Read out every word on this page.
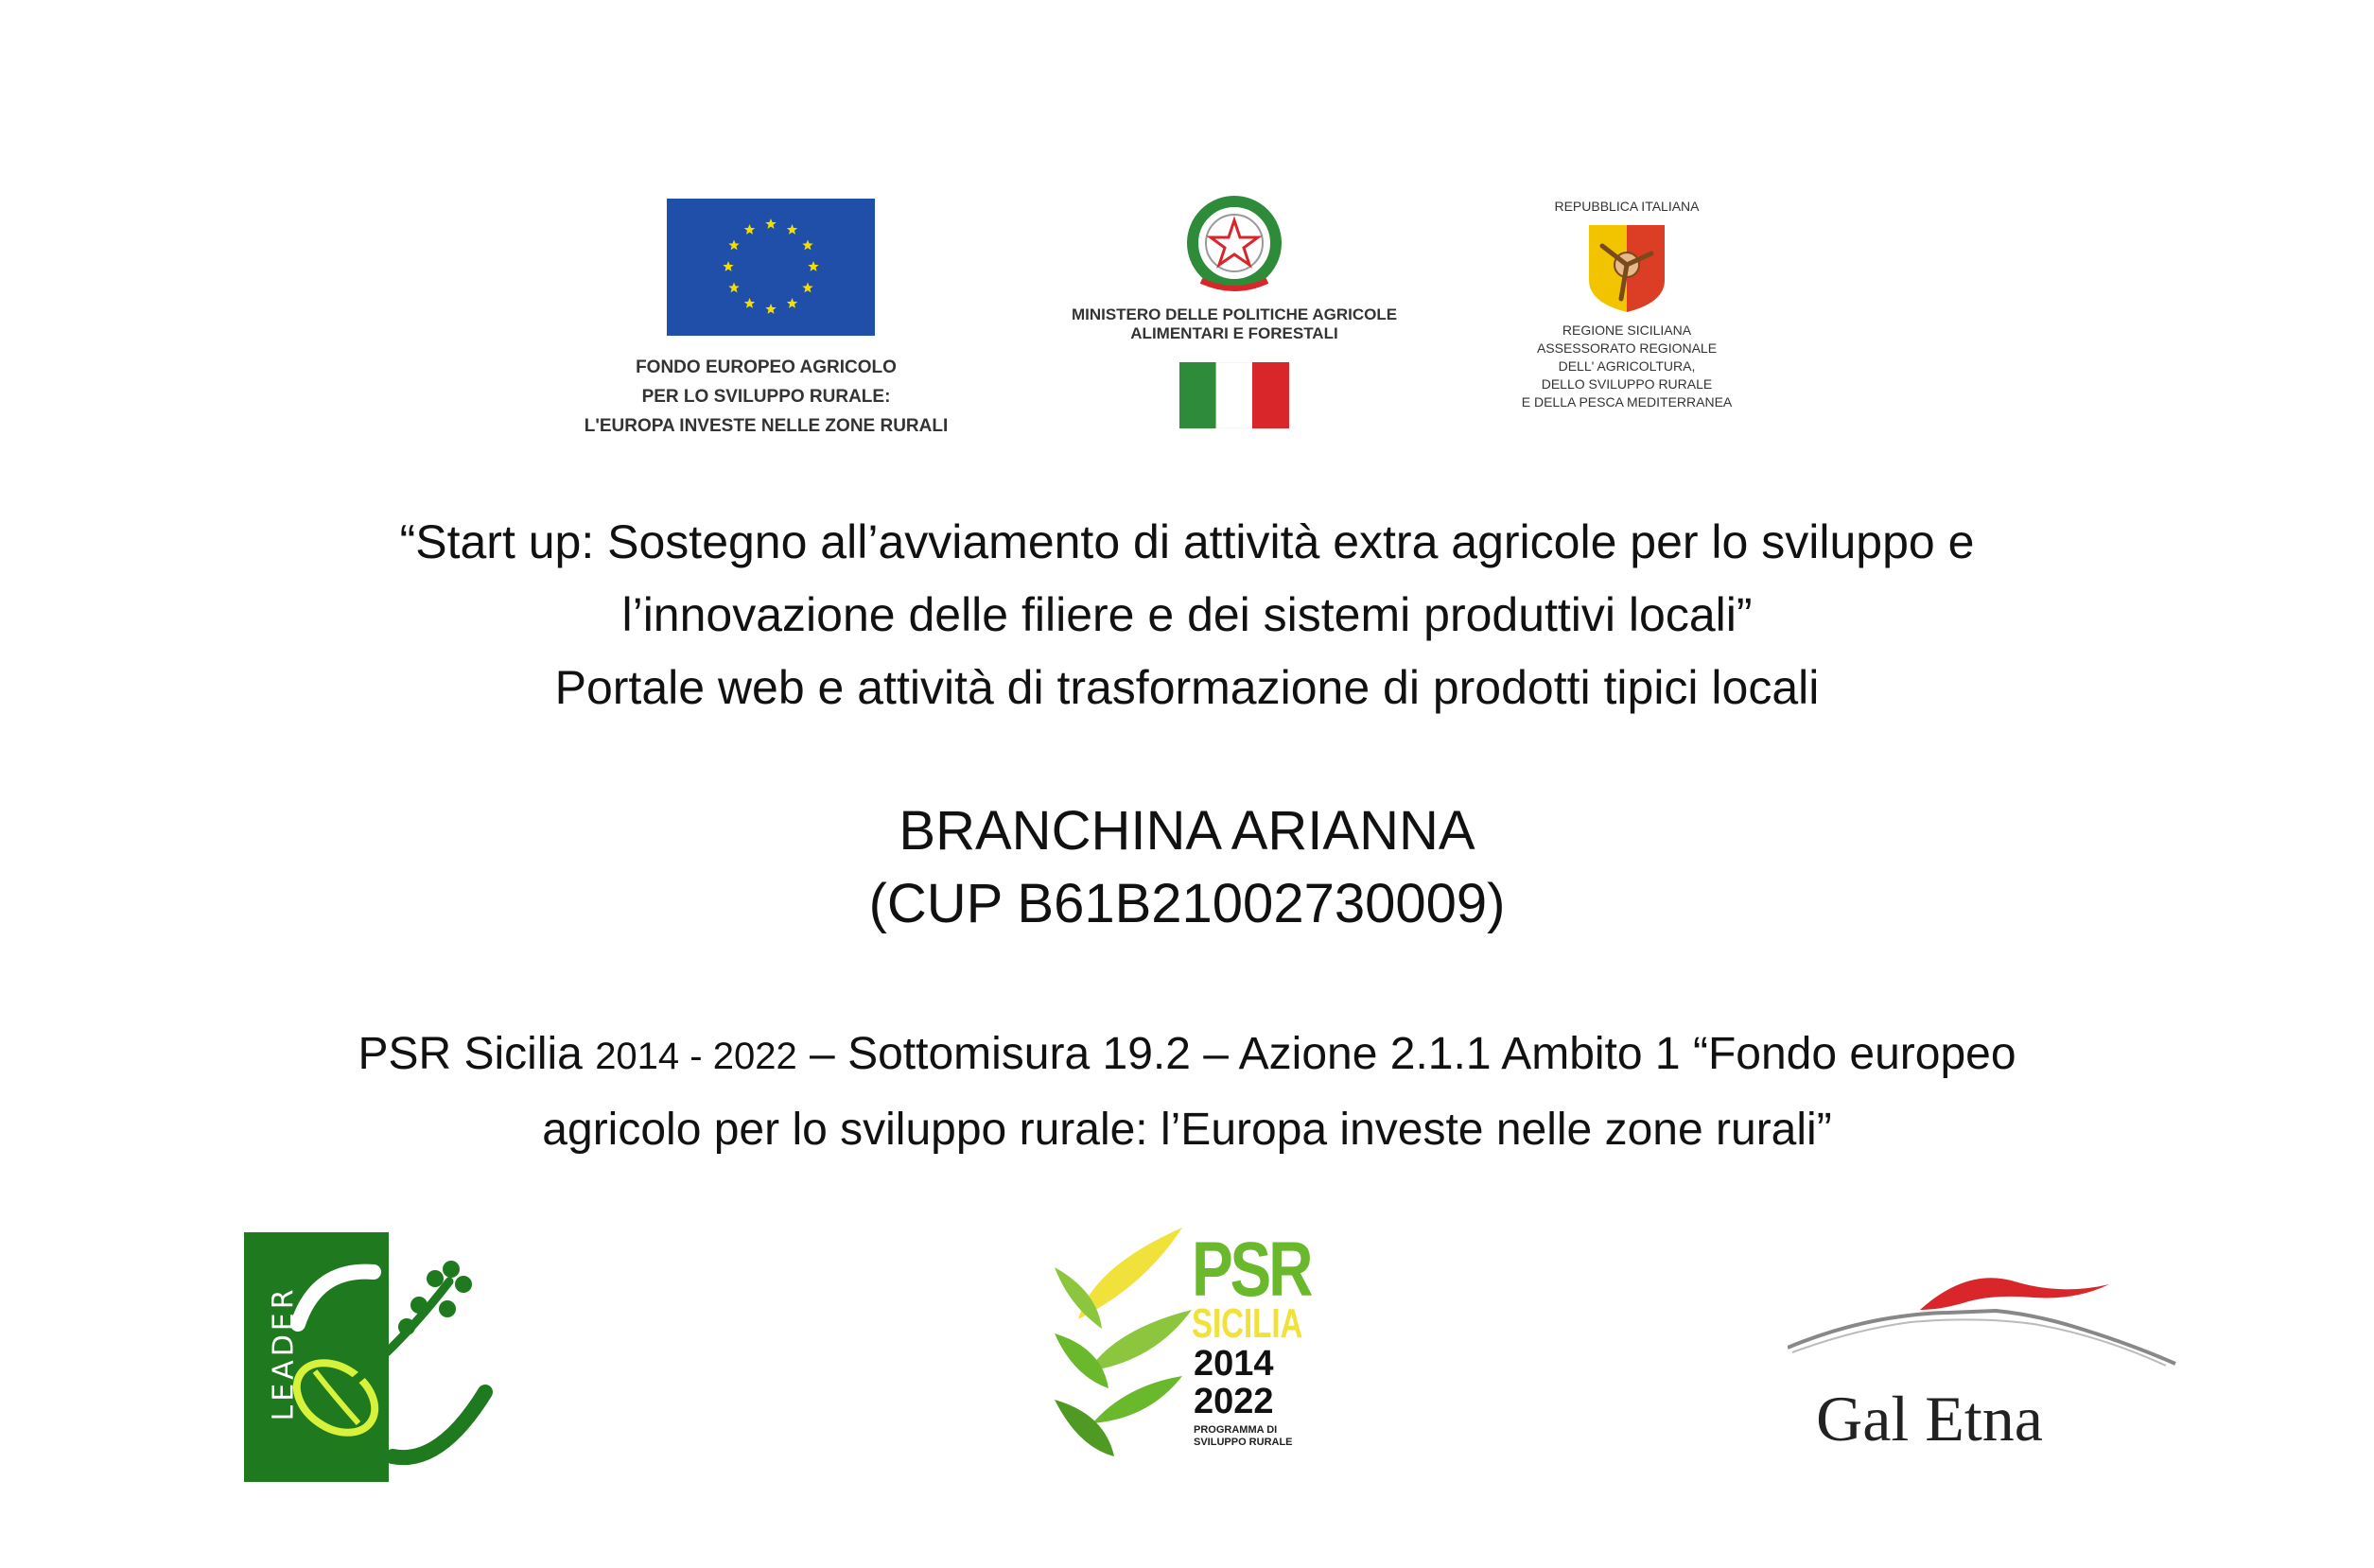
FONDO EUROPEO AGRICOLO
PER LO SVILUPPO RURALE:
L'EUROPA INVESTE NELLE ZONE RURALI
MINISTERO DELLE POLITICHE AGRICOLE
ALIMENTARI E FORESTALI
REPUBBLICA ITALIANA
REGIONE SICILIANA
ASSESSORATO REGIONALE
DELL' AGRICOLTURA,
DELLO SVILUPPO RURALE
E DELLA PESCA MEDITERRANEA
“Start up: Sostegno all’avviamento di attività extra agricole per lo sviluppo e
l’innovazione delle filiere e dei sistemi produttivi locali”
Portale web e attività di trasformazione di prodotti tipici locali
BRANCHINA ARIANNA
(CUP B61B21002730009)
PSR Sicilia 2014 - 2022 – Sottomisura 19.2 – Azione 2.1.1 Ambito 1 “Fondo europeo
agricolo per lo sviluppo rurale: l’Europa investe nelle zone rurali”
LEADER
PSR
SICILIA
2014
2022
PROGRAMMA DI
SVILUPPO RURALE	Gal Etna
